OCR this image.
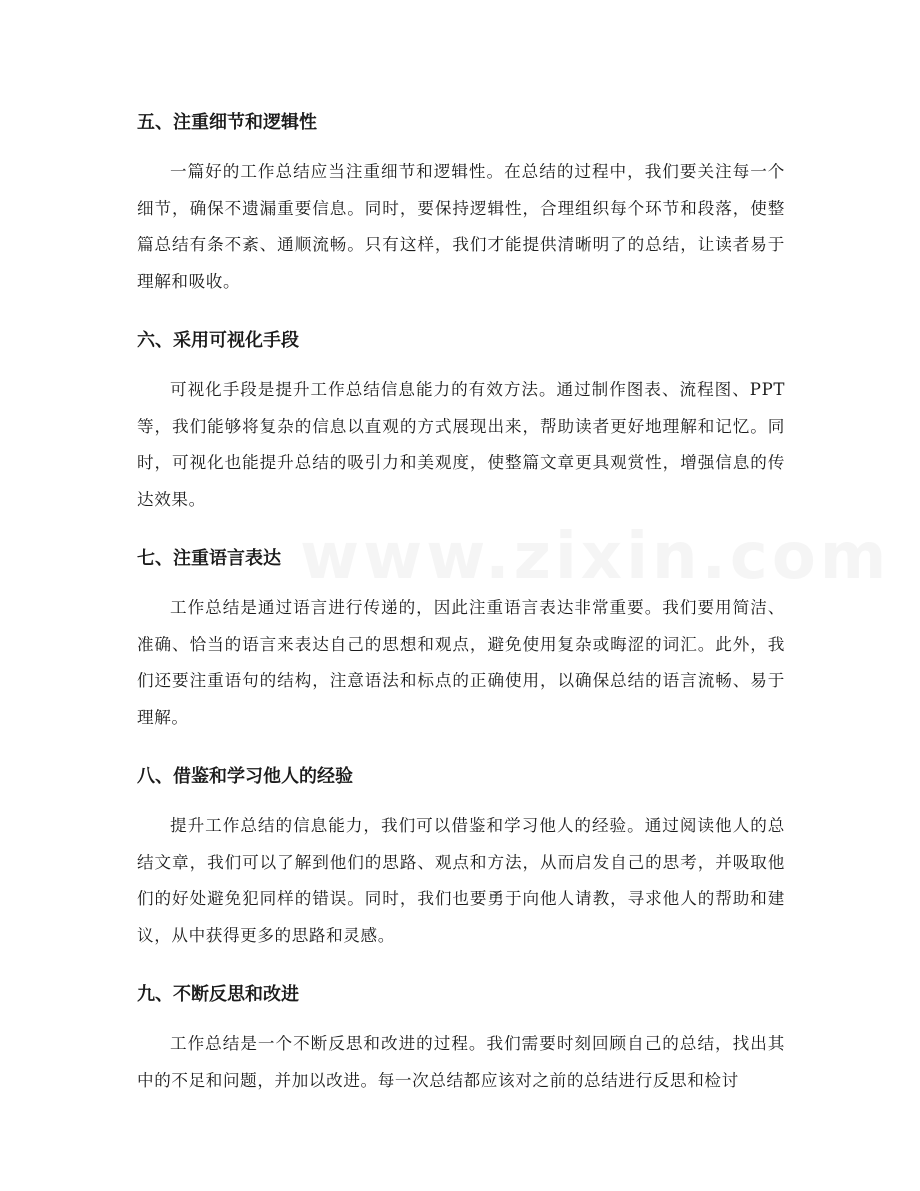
www.zixin.com
五、注重细节和逻辑性

一篇好的工作总结应当注重细节和逻辑性。在总结的过程中，我们要关注每一个细节，确保不遗漏重要信息。同时，要保持逻辑性，合理组织每个环节和段落，使整篇总结有条不紊、通顺流畅。只有这样，我们才能提供清晰明了的总结，让读者易于理解和吸收。

六、采用可视化手段

可视化手段是提升工作总结信息能力的有效方法。通过制作图表、流程图、PPT等，我们能够将复杂的信息以直观的方式展现出来，帮助读者更好地理解和记忆。同时，可视化也能提升总结的吸引力和美观度，使整篇文章更具观赏性，增强信息的传达效果。

七、注重语言表达

工作总结是通过语言进行传递的，因此注重语言表达非常重要。我们要用简洁、准确、恰当的语言来表达自己的思想和观点，避免使用复杂或晦涩的词汇。此外，我们还要注重语句的结构，注意语法和标点的正确使用，以确保总结的语言流畅、易于理解。

八、借鉴和学习他人的经验

提升工作总结的信息能力，我们可以借鉴和学习他人的经验。通过阅读他人的总结文章，我们可以了解到他们的思路、观点和方法，从而启发自己的思考，并吸取他们的好处避免犯同样的错误。同时，我们也要勇于向他人请教，寻求他人的帮助和建议，从中获得更多的思路和灵感。

九、不断反思和改进

工作总结是一个不断反思和改进的过程。我们需要时刻回顾自己的总结，找出其中的不足和问题，并加以改进。每一次总结都应该对之前的总结进行反思和检讨
